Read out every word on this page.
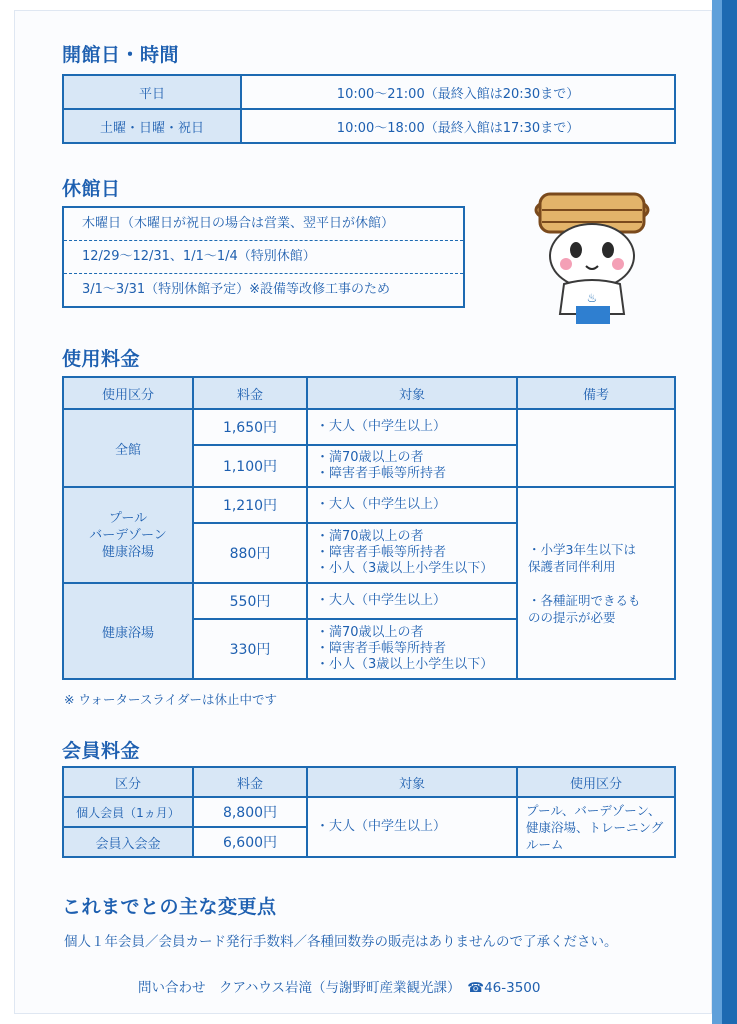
開館日・時間
平日	10:00～21:00（最終入館は20:30まで）
土曜・日曜・祝日	10:00～18:00（最終入館は17:30まで）
休館日
木曜日（木曜日が祝日の場合は営業、翌平日が休館）
12/29～12/31、1/1～1/4（特別休館）
3/1～3/31（特別休館予定）※設備等改修工事のため
♨
使用料金
使用区分	料金	対象	備考
全館	1,650円	・大人（中学生以上）	
	1,100円	・満70歳以上の者
・障害者手帳等所持者	
プール
バーデゾーン
健康浴場	1,210円	・大人（中学生以上）	・小学3年生以下は
保護者同伴利用

・各種証明できるも
のの提示が必要
	880円	・満70歳以上の者
・障害者手帳等所持者
・小人（3歳以上小学生以下）	
健康浴場	550円	・大人（中学生以上）	
	330円	・満70歳以上の者
・障害者手帳等所持者
・小人（3歳以上小学生以下）	
※ ウォータースライダーは休止中です
会員料金
区分	料金	対象	使用区分
個人会員（1ヵ月）	8,800円	・大人（中学生以上）	プール、バーデゾーン、健康浴場、トレーニングルーム
会員入会金	6,600円		
これまでとの主な変更点
個人１年会員／会員カード発行手数料／各種回数券の販売はありませんので了承ください。
問い合わせ　クアハウス岩滝（与謝野町産業観光課）　☎46-3500
